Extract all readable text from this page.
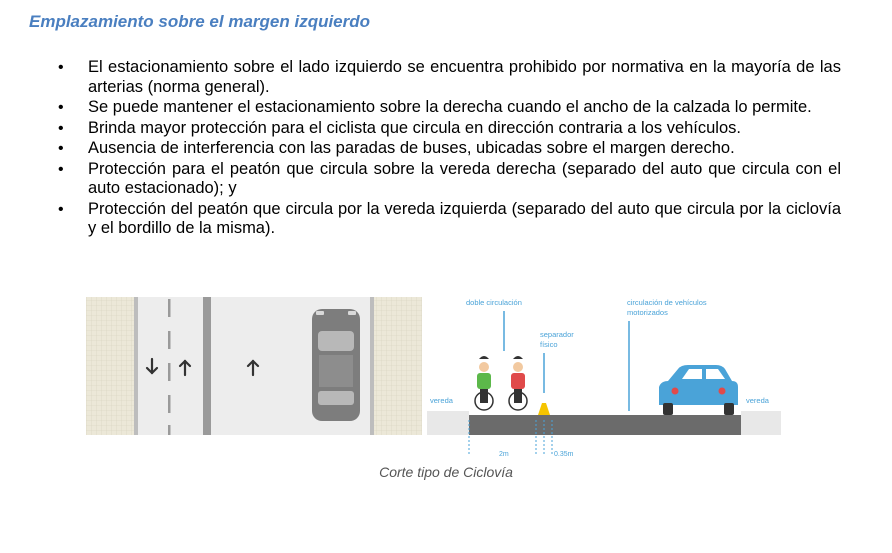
Emplazamiento sobre el margen izquierdo
• El estacionamiento sobre el lado izquierdo se encuentra prohibido por normativa en la mayoría de las arterias (norma general).
• Se puede mantener el estacionamiento sobre la derecha cuando el ancho de la calzada lo permite.
• Brinda mayor protección para el ciclista que circula en dirección contraria a los vehículos.
• Ausencia de interferencia con las paradas de buses, ubicadas sobre el margen derecho.
• Protección para el peatón que circula sobre la vereda derecha (separado del auto que circula con el auto estacionado); y
• Protección del peatón que circula por la vereda izquierda (separado del auto que circula por la ciclovía y el bordillo de la misma).
doble circulación
separador
físico
circulación de vehículos
motorizados
vereda	vereda
2m	0.35m
Corte tipo de Ciclovía
